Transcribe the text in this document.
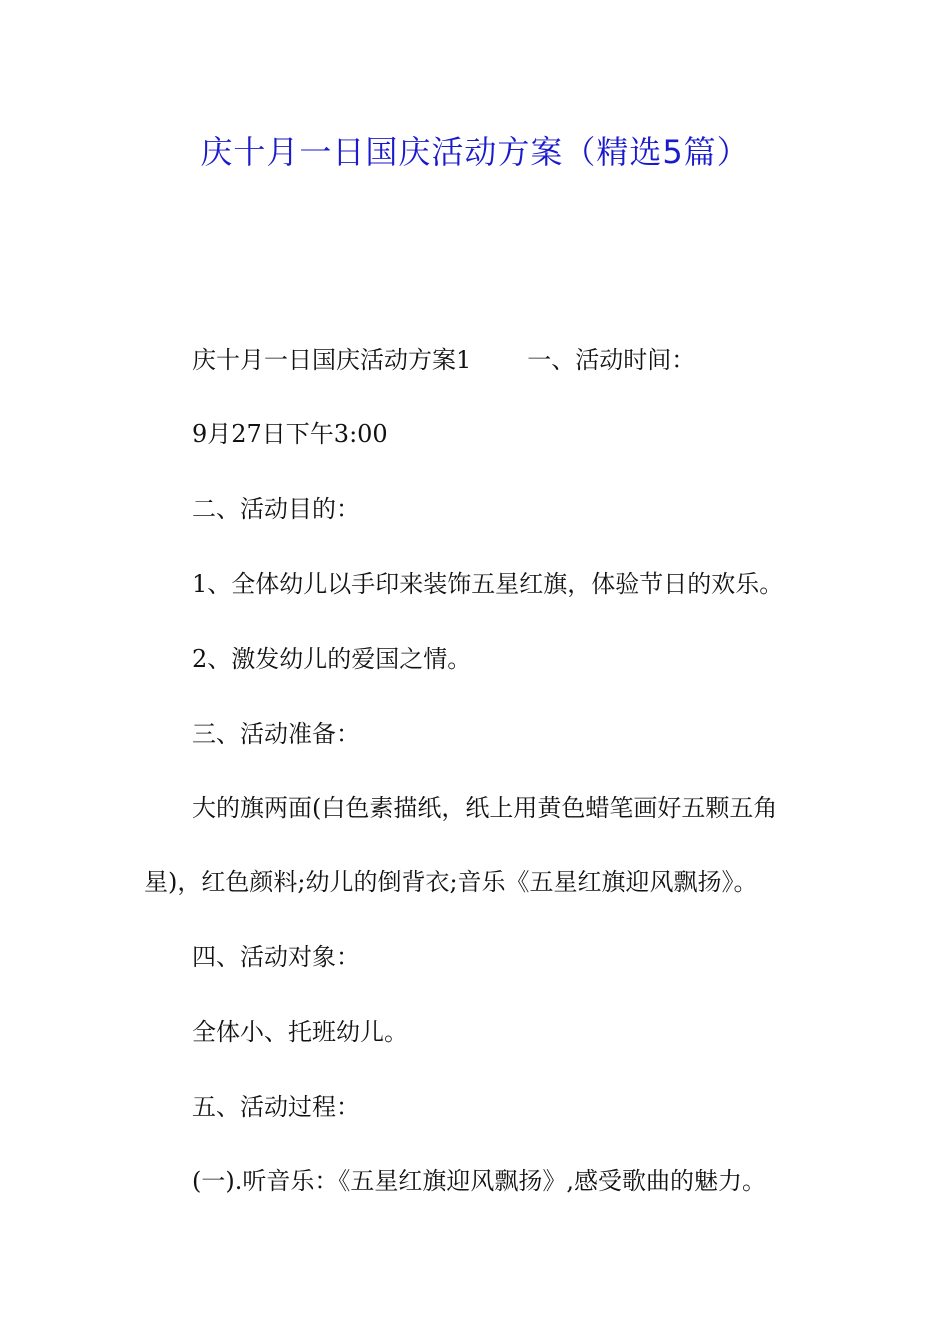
庆十月一日国庆活动方案（精选5篇）

庆十月一日国庆活动方案1 一、活动时间：

9月27日下午3:00

二、活动目的：

1、全体幼儿以手印来装饰五星红旗，体验节日的欢乐。

2、激发幼儿的爱国之情。

三、活动准备：

大的旗两面(白色素描纸，纸上用黄色蜡笔画好五颗五角

星)，红色颜料;幼儿的倒背衣;音乐《五星红旗迎风飘扬》。

四、活动对象：

全体小、托班幼儿。

五、活动过程：

(一).听音乐：《五星红旗迎风飘扬》,感受歌曲的魅力。
